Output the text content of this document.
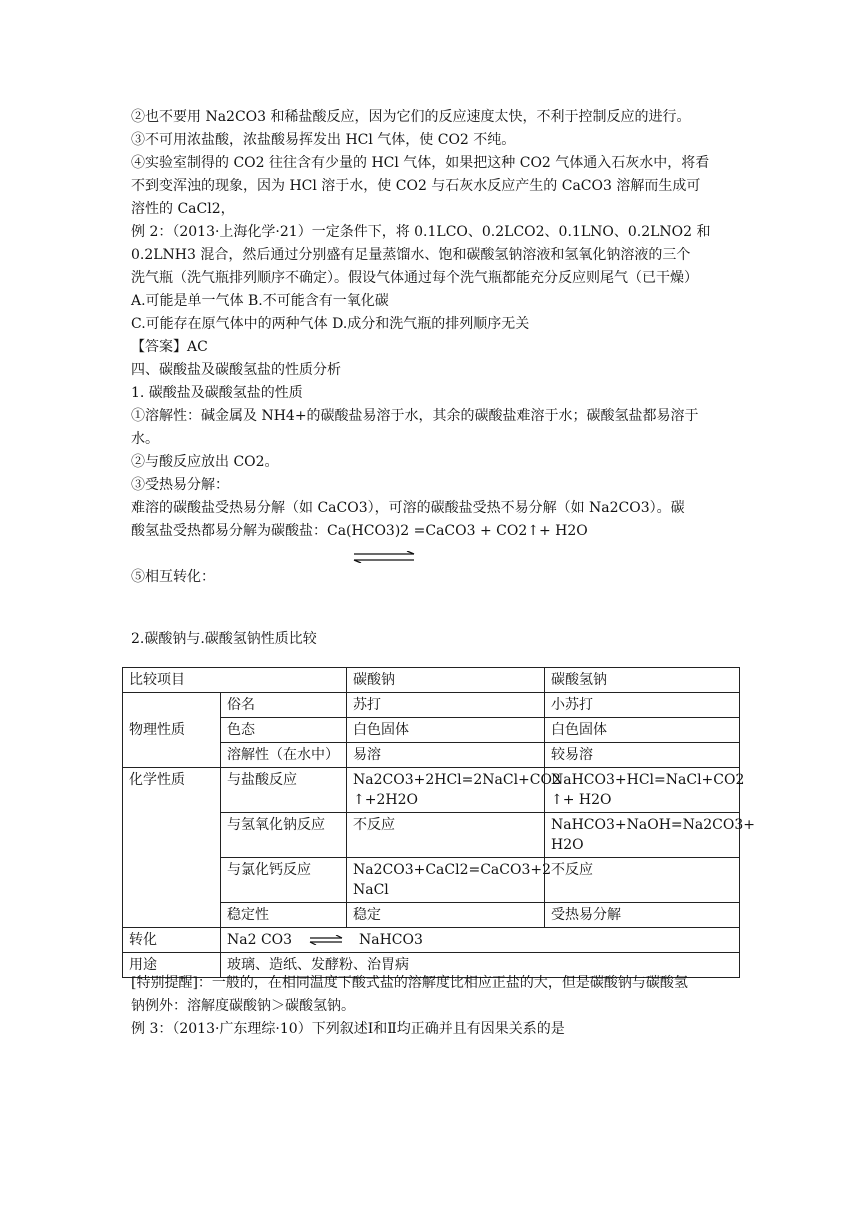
②也不要用 Na2CO3 和稀盐酸反应，因为它们的反应速度太快，不利于控制反应的进行。
③不可用浓盐酸，浓盐酸易挥发出 HCl 气体，使 CO2 不纯。
④实验室制得的 CO2 往往含有少量的 HCl 气体，如果把这种 CO2 气体通入石灰水中，将看
不到变浑浊的现象，因为 HCl 溶于水，使 CO2 与石灰水反应产生的 CaCO3 溶解而生成可
溶性的 CaCl2，
例 2：（2013·上海化学·21）一定条件下，将 0.1LCO、0.2LCO2、0.1LNO、0.2LNO2 和
0.2LNH3 混合，然后通过分别盛有足量蒸馏水、饱和碳酸氢钠溶液和氢氧化钠溶液的三个
洗气瓶（洗气瓶排列顺序不确定）。假设气体通过每个洗气瓶都能充分反应则尾气（已干燥）
A.可能是单一气体 B.不可能含有一氧化碳
C.可能存在原气体中的两种气体 D.成分和洗气瓶的排列顺序无关
【答案】AC
四、碳酸盐及碳酸氢盐的性质分析
1. 碳酸盐及碳酸氢盐的性质
①溶解性：碱金属及 NH4+的碳酸盐易溶于水，其余的碳酸盐难溶于水；碳酸氢盐都易溶于
水。
②与酸反应放出 CO2。
③受热易分解：
难溶的碳酸盐受热易分解（如 CaCO3），可溶的碳酸盐受热不易分解（如 Na2CO3）。碳
酸氢盐受热都易分解为碳酸盐：Ca(HCO3)2 =CaCO3 + CO2↑+ H2O
⑤相互转化：
2.碳酸钠与.碳酸氢钠性质比较
比较项目		碳酸钠	碳酸氢钠
	俗名	苏打	小苏打
物理性质	色态	白色固体	白色固体
	溶解性（在水中）	易溶	较易溶
化学性质	与盐酸反应	Na2CO3+2HCl=2NaCl+CO2 ↑+2H2O	NaHCO3+HCl=NaCl+CO2 ↑+ H2O
	与氢氧化钠反应	不反应	NaHCO3+NaOH=Na2CO3+ H2O
	与氯化钙反应	Na2CO3+CaCl2=CaCO3+2 NaCl	不反应
	稳定性	稳定	受热易分解
转化	Na2 CO3 ⇌ NaHCO3		
用途	玻璃、造纸、发酵粉、治胃病		
[特别提醒]：一般的，在相同温度下酸式盐的溶解度比相应正盐的大，但是碳酸钠与碳酸氢
钠例外：溶解度碳酸钠＞碳酸氢钠。
例 3：（2013·广东理综·10）下列叙述Ⅰ和Ⅱ均正确并且有因果关系的是
